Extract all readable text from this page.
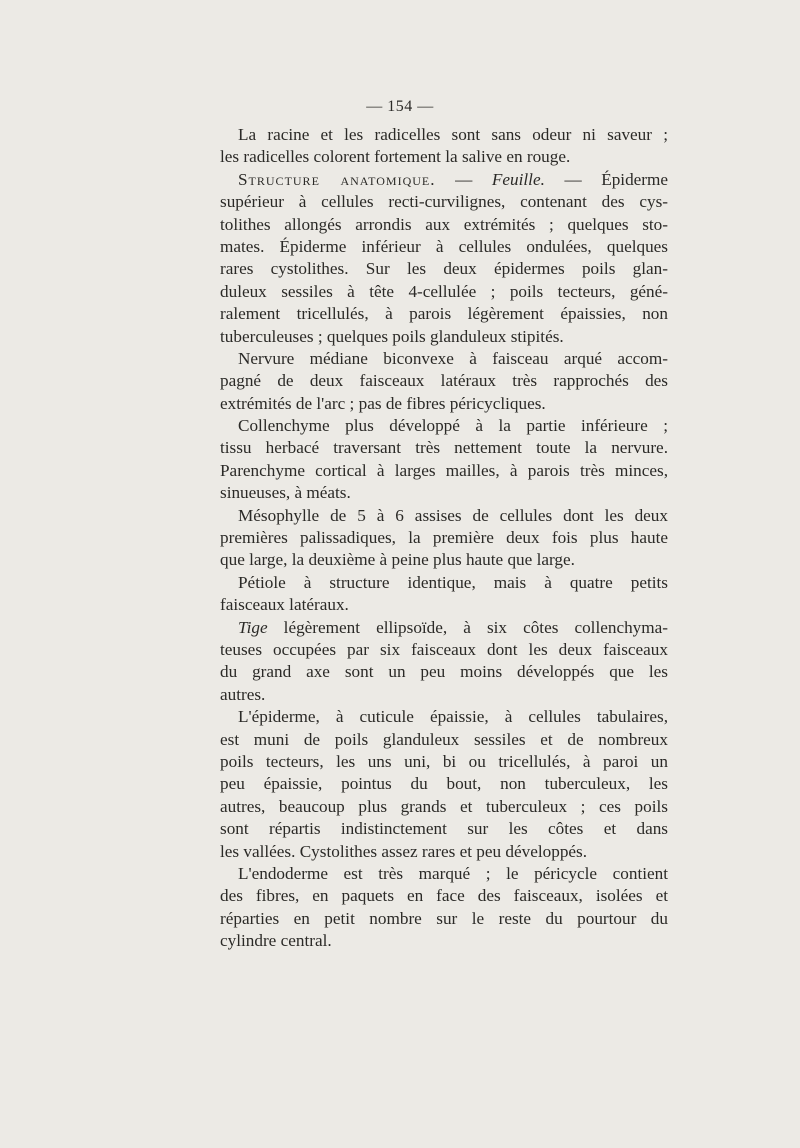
— 154 —
La racine et les radicelles sont sans odeur ni saveur ;
les radicelles colorent fortement la salive en rouge.
Structure anatomique. — Feuille. — Épiderme
supérieur à cellules recti-curvilignes, contenant des cys-
tolithes allongés arrondis aux extrémités ; quelques sto-
mates. Épiderme inférieur à cellules ondulées, quelques
rares cystolithes. Sur les deux épidermes poils glan-
duleux sessiles à tête 4-cellulée ; poils tecteurs, géné-
ralement tricellulés, à parois légèrement épaissies, non
tuberculeuses ; quelques poils glanduleux stipités.
Nervure médiane biconvexe à faisceau arqué accom-
pagné de deux faisceaux latéraux très rapprochés des
extrémités de l'arc ; pas de fibres péricycliques.
Collenchyme plus développé à la partie inférieure ;
tissu herbacé traversant très nettement toute la nervure.
Parenchyme cortical à larges mailles, à parois très minces,
sinueuses, à méats.
Mésophylle de 5 à 6 assises de cellules dont les deux
premières palissadiques, la première deux fois plus haute
que large, la deuxième à peine plus haute que large.
Pétiole à structure identique, mais à quatre petits
faisceaux latéraux.
Tige légèrement ellipsoïde, à six côtes collenchyma-
teuses occupées par six faisceaux dont les deux faisceaux
du grand axe sont un peu moins développés que les
autres.
L'épiderme, à cuticule épaissie, à cellules tabulaires,
est muni de poils glanduleux sessiles et de nombreux
poils tecteurs, les uns uni, bi ou tricellulés, à paroi un
peu épaissie, pointus du bout, non tuberculeux, les
autres, beaucoup plus grands et tuberculeux ; ces poils
sont répartis indistinctement sur les côtes et dans
les vallées. Cystolithes assez rares et peu développés.
L'endoderme est très marqué ; le péricycle contient
des fibres, en paquets en face des faisceaux, isolées et
réparties en petit nombre sur le reste du pourtour du
cylindre central.
